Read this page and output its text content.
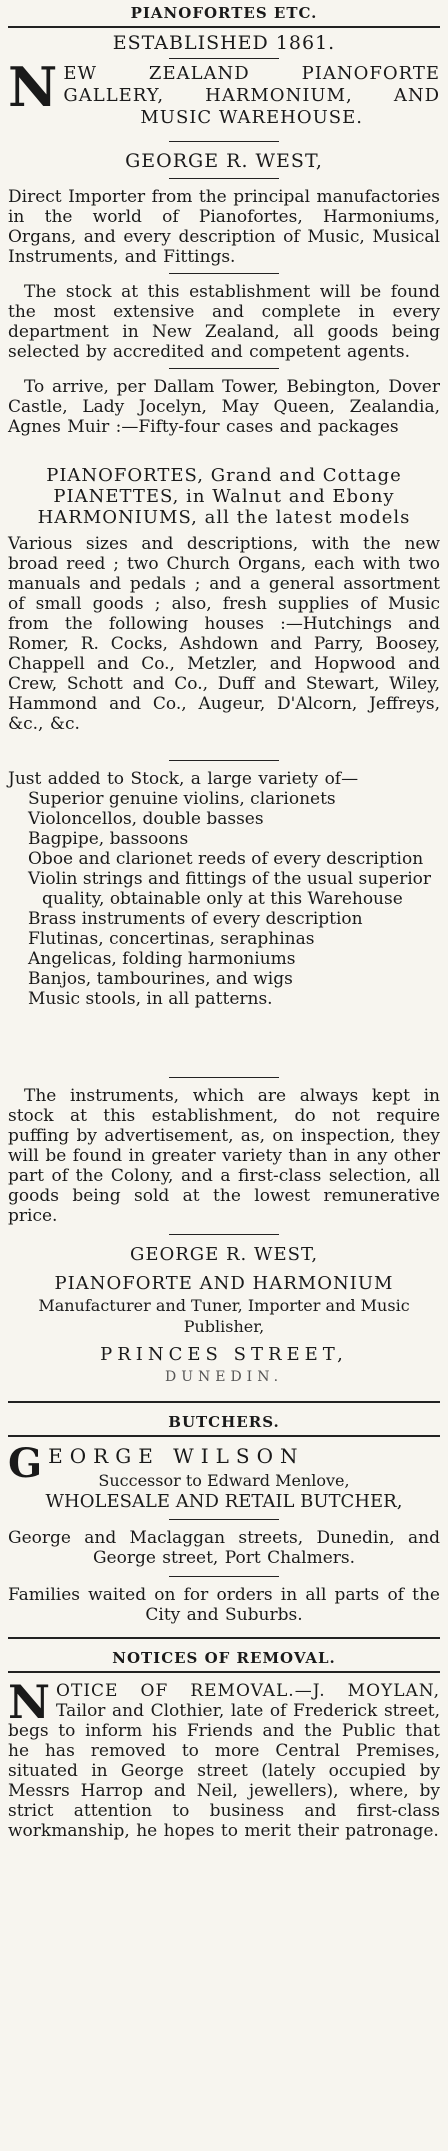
PIANOFORTES ETC.
ESTABLISHED 1861.
N EW ZEALAND PIANOFORTE GALLERY, HARMONIUM, AND MUSIC WAREHOUSE.

GEORGE R. WEST,

Direct Importer from the principal manufactories in the world of Pianofortes, Harmoniums, Organs, and every description of Music, Musical Instruments, and Fittings.

The stock at this establishment will be found the most extensive and complete in every department in New Zealand, all goods being selected by accredited and competent agents.

To arrive, per Dallam Tower, Bebington, Dover Castle, Lady Jocelyn, May Queen, Zealandia, Agnes Muir :—Fifty-four cases and packages

PIANOFORTES, Grand and Cottage
PIANETTES, in Walnut and Ebony
HARMONIUMS, all the latest models

Various sizes and descriptions, with the new broad reed ; two Church Organs, each with two manuals and pedals ; and a general assortment of small goods ; also, fresh supplies of Music from the following houses :—Hutchings and Romer, R. Cocks, Ashdown and Parry, Boosey, Chappell and Co., Metzler, and Hopwood and Crew, Schott and Co., Duff and Stewart, Wiley, Hammond and Co., Augeur, D'Alcorn, Jeffreys, &c., &c.

Just added to Stock, a large variety of—

Superior genuine violins, clarionets
Violoncellos, double basses
Bagpipe, bassoons
Oboe and clarionet reeds of every description
Violin strings and fittings of the usual superior quality, obtainable only at this Warehouse
Brass instruments of every description
Flutinas, concertinas, seraphinas
Angelicas, folding harmoniums
Banjos, tambourines, and wigs
Music stools, in all patterns.

The instruments, which are always kept in stock at this establishment, do not require puffing by advertisement, as, on inspection, they will be found in greater variety than in any other part of the Colony, and a first-class selection, all goods being sold at the lowest remunerative price.

GEORGE R. WEST,
PIANOFORTE AND HARMONIUM
Manufacturer and Tuner, Importer and Music Publisher,
PRINCES STREET,
DUNEDIN.
BUTCHERS.
G EORGE WILSON
Successor to Edward Menlove,
WHOLESALE AND RETAIL BUTCHER,

George and Maclaggan streets, Dunedin, and George street, Port Chalmers.

Families waited on for orders in all parts of the City and Suburbs.

NOTICES OF REMOVAL.
N OTICE OF REMOVAL.—J. MOYLAN, Tailor and Clothier, late of Frederick street, begs to inform his Friends and the Public that he has removed to more Central Premises, situated in George street (lately occupied by Messrs Harrop and Neil, jewellers), where, by strict attention to business and first-class workmanship, he hopes to merit their patronage.
